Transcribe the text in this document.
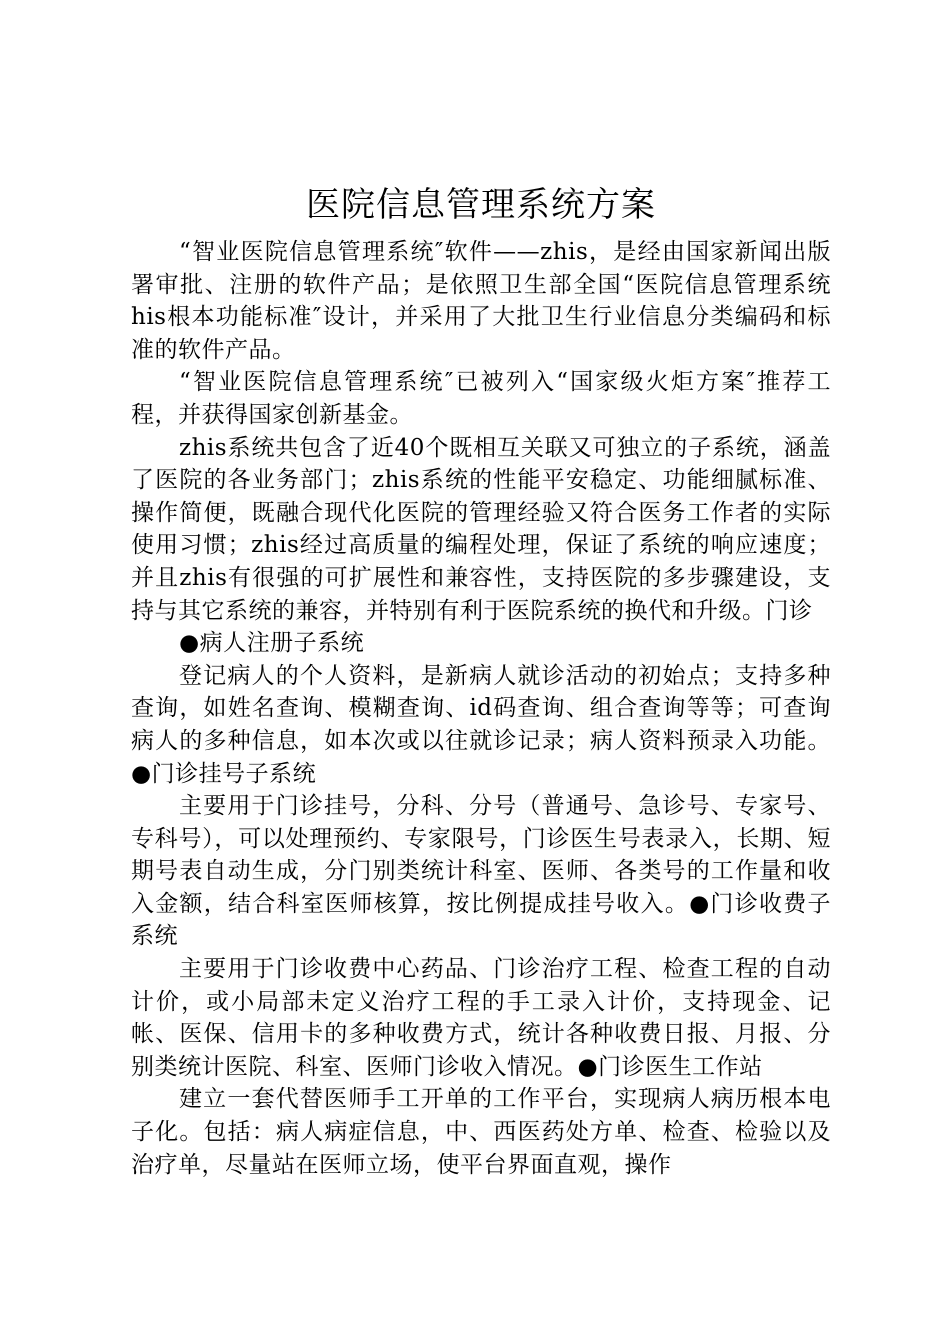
医院信息管理系统方案

“智业医院信息管理系统″软件——zhis，是经由国家新闻出版署审批、注册的软件产品；是依照卫生部全国“医院信息管理系统his根本功能标准″设计，并采用了大批卫生行业信息分类编码和标准的软件产品。

“智业医院信息管理系统″已被列入“国家级火炬方案″推荐工程，并获得国家创新基金。

zhis系统共包含了近40个既相互关联又可独立的子系统，涵盖了医院的各业务部门；zhis系统的性能平安稳定、功能细腻标准、操作简便，既融合现代化医院的管理经验又符合医务工作者的实际使用习惯；zhis经过高质量的编程处理，保证了系统的响应速度；并且zhis有很强的可扩展性和兼容性，支持医院的多步骤建设，支持与其它系统的兼容，并特别有利于医院系统的换代和升级。门诊

●病人注册子系统

登记病人的个人资料，是新病人就诊活动的初始点；支持多种查询，如姓名查询、模糊查询、id码查询、组合查询等等；可查询病人的多种信息，如本次或以往就诊记录；病人资料预录入功能。●门诊挂号子系统

主要用于门诊挂号，分科、分号（普通号、急诊号、专家号、专科号），可以处理预约、专家限号，门诊医生号表录入，长期、短期号表自动生成，分门别类统计科室、医师、各类号的工作量和收入金额，结合科室医师核算，按比例提成挂号收入。●门诊收费子系统

主要用于门诊收费中心药品、门诊治疗工程、检查工程的自动计价，或小局部未定义治疗工程的手工录入计价，支持现金、记帐、医保、信用卡的多种收费方式，统计各种收费日报、月报、分别类统计医院、科室、医师门诊收入情况。●门诊医生工作站

建立一套代替医师手工开单的工作平台，实现病人病历根本电子化。包括：病人病症信息，中、西医药处方单、检查、检验以及治疗单，尽量站在医师立场，使平台界面直观，操作
